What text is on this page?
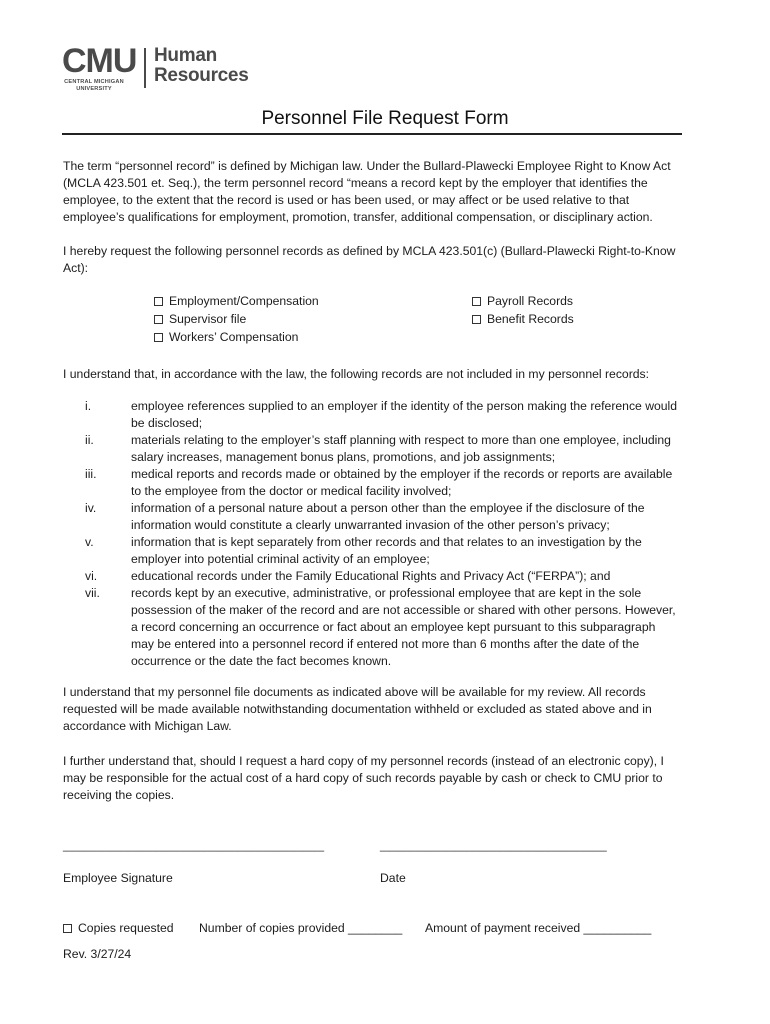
CMU
CENTRAL MICHIGAN
UNIVERSITY
Human
Resources
Personnel File Request Form
The term “personnel record” is defined by Michigan law. Under the Bullard-Plawecki Employee Right to Know Act (MCLA 423.501 et. Seq.), the term personnel record “means a record kept by the employer that identifies the employee, to the extent that the record is used or has been used, or may affect or be used relative to that employee’s qualifications for employment, promotion, transfer, additional compensation, or disciplinary action.
I hereby request the following personnel records as defined by MCLA 423.501(c) (Bullard-Plawecki Right-to-Know Act):
Employment/Compensation
Supervisor file
Workers’ Compensation
Payroll Records
Benefit Records
I understand that, in accordance with the law, the following records are not included in my personnel records:
i.	employee references supplied to an employer if the identity of the person making the reference would be disclosed;
ii.	materials relating to the employer’s staff planning with respect to more than one employee, including salary increases, management bonus plans, promotions, and job assignments;
iii.	medical reports and records made or obtained by the employer if the records or reports are available to the employee from the doctor or medical facility involved;
iv.	information of a personal nature about a person other than the employee if the disclosure of the information would constitute a clearly unwarranted invasion of the other person’s privacy;
v.	information that is kept separately from other records and that relates to an investigation by the employer into potential criminal activity of an employee;
vi.	educational records under the Family Educational Rights and Privacy Act (“FERPA”); and
vii.	records kept by an executive, administrative, or professional employee that are kept in the sole possession of the maker of the record and are not accessible or shared with other persons. However, a record concerning an occurrence or fact about an employee kept pursuant to this subparagraph may be entered into a personnel record if entered not more than 6 months after the date of the occurrence or the date the fact becomes known.
I understand that my personnel file documents as indicated above will be available for my review. All records requested will be made available notwithstanding documentation withheld or excluded as stated above and in accordance with Michigan Law.
I further understand that, should I request a hard copy of my personnel records (instead of an electronic copy), I may be responsible for the actual cost of a hard copy of such records payable by cash or check to CMU prior to receiving the copies.
______________________________________	_________________________________
Employee Signature	Date
Copies requested Number of copies provided ________ Amount of payment received __________
Rev. 3/27/24
